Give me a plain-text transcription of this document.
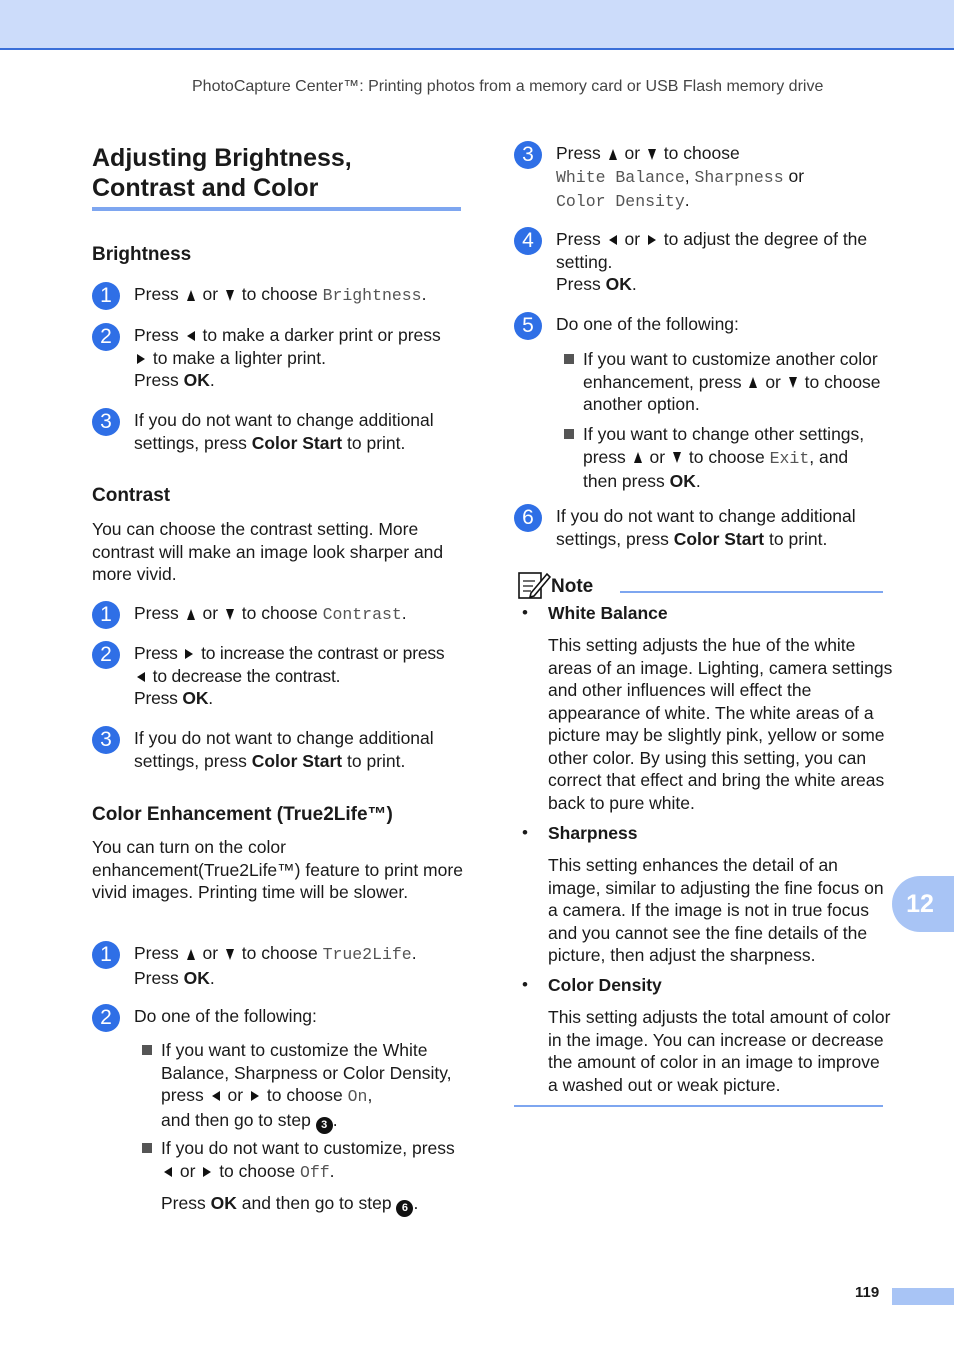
PhotoCapture Center™: Printing photos from a memory card or USB Flash memory drive
Adjusting Brightness,
Contrast and Color
Brightness
1	Press or to choose Brightness.
2	Press to make a darker print or press
to make a lighter print.
Press OK.
3	If you do not want to change additional settings, press Color Start to print.
Contrast
You can choose the contrast setting. More contrast will make an image look sharper and more vivid.
1	Press or to choose Contrast.
2	Press to increase the contrast or press
to decrease the contrast.
Press OK.
3	If you do not want to change additional settings, press Color Start to print.
Color Enhancement (True2Life™)
You can turn on the color enhancement(True2Life™) feature to print more vivid images. Printing time will be slower.
1	Press or to choose True2Life.
Press OK.
2	Do one of the following:
If you want to customize the White Balance, Sharpness or Color Density, press or to choose On,
and then go to step 3 .
If you do not want to customize, press  or to choose Off.
Press OK and then go to step 6 .
3	Press or to choose
White Balance, Sharpness or
Color Density.
4	Press or to adjust the degree of the setting.
Press OK.
5	Do one of the following:
If you want to customize another color enhancement, press or to choose another option.
If you want to change other settings, press or to choose Exit, and then press OK.
6	If you do not want to change additional settings, press Color Start to print.
Note
• White Balance
This setting adjusts the hue of the white areas of an image. Lighting, camera settings and other influences will effect the appearance of white. The white areas of a picture may be slightly pink, yellow or some other color. By using this setting, you can correct that effect and bring the white areas back to pure white.
• Sharpness
This setting enhances the detail of an image, similar to adjusting the fine focus on a camera. If the image is not in true focus and you cannot see the fine details of the picture, then adjust the sharpness.
• Color Density
This setting adjusts the total amount of color in the image. You can increase or decrease the amount of color in an image to improve a washed out or weak picture.
12
119
